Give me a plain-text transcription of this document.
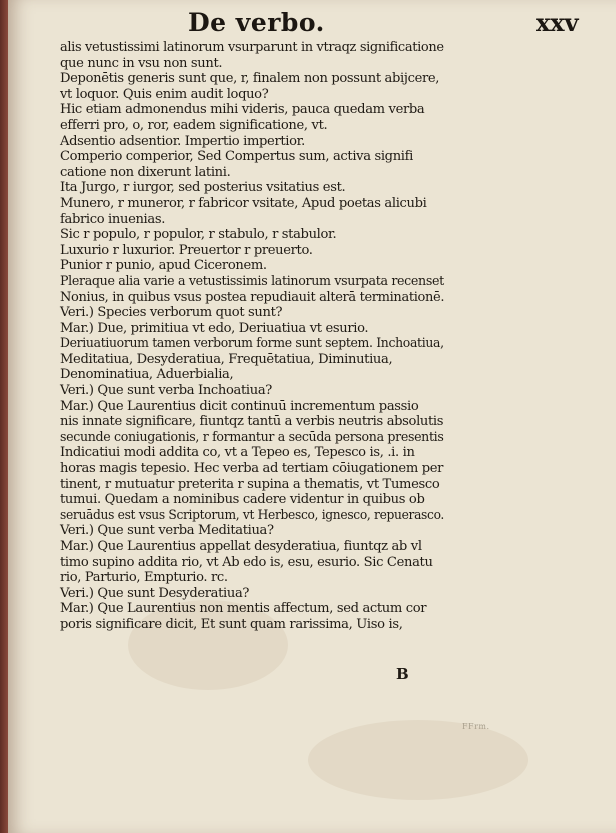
De verbo.	xxv
alis vetustissimi latinorum vsurparunt in vtraqz significatione
que nunc in vsu non sunt.
Deponētis generis sunt que, r, finalem non possunt abijcere,
vt loquor. Quis enim audit loquo?
Hic etiam admonendus mihi videris, pauca quedam verba
efferri pro, o, ror, eadem significatione, vt.
Adsentio adsentior. Impertio impertior.
Comperio comperior, Sed Compertus sum, activa signifi
catione non dixerunt latini.
Ita Jurgo, r iurgor, sed posterius vsitatius est.
Munero, r muneror, r fabricor vsitate, Apud poetas alicubi
fabrico inuenias.
Sic r populo, r populor, r stabulo, r stabulor.
Luxurio r luxurior. Preuertor r preuerto.
Punior r punio, apud Ciceronem.
Pleraque alia varie a vetustissimis latinorum vsurpata recenset
Nonius, in quibus vsus postea repudiauit alterā terminationē.
Veri.) Species verborum quot sunt?
Mar.) Due, primitiua vt edo, Deriuatiua vt esurio.
Deriuatiuorum tamen verborum forme sunt septem. Inchoatiua,
Meditatiua, Desyderatiua, Frequētatiua, Diminutiua,
Denominatiua, Aduerbialia,
Veri.) Que sunt verba Inchoatiua?
Mar.) Que Laurentius dicit continuū incrementum passio
nis innate significare, fiuntqz tantū a verbis neutris absolutis
secunde coniugationis, r formantur a secūda persona presentis
Indicatiui modi addita co, vt a Tepeo es, Tepesco is, .i. in
horas magis tepesio. Hec verba ad tertiam cōiugationem per
tinent, r mutuatur preterita r supina a thematis, vt Tumesco
tumui. Quedam a nominibus cadere videntur in quibus ob
seruādus est vsus Scriptorum, vt Herbesco, ignesco, repuerasco.
Veri.) Que sunt verba Meditatiua?
Mar.) Que Laurentius appellat desyderatiua, fiuntqz ab vl
timo supino addita rio, vt Ab edo is, esu, esurio. Sic Cenatu
rio, Parturio, Empturio. rc.
Veri.) Que sunt Desyderatiua?
Mar.) Que Laurentius non mentis affectum, sed actum cor
poris significare dicit, Et sunt quam rarissima, Uiso is,
B
FFrm.
